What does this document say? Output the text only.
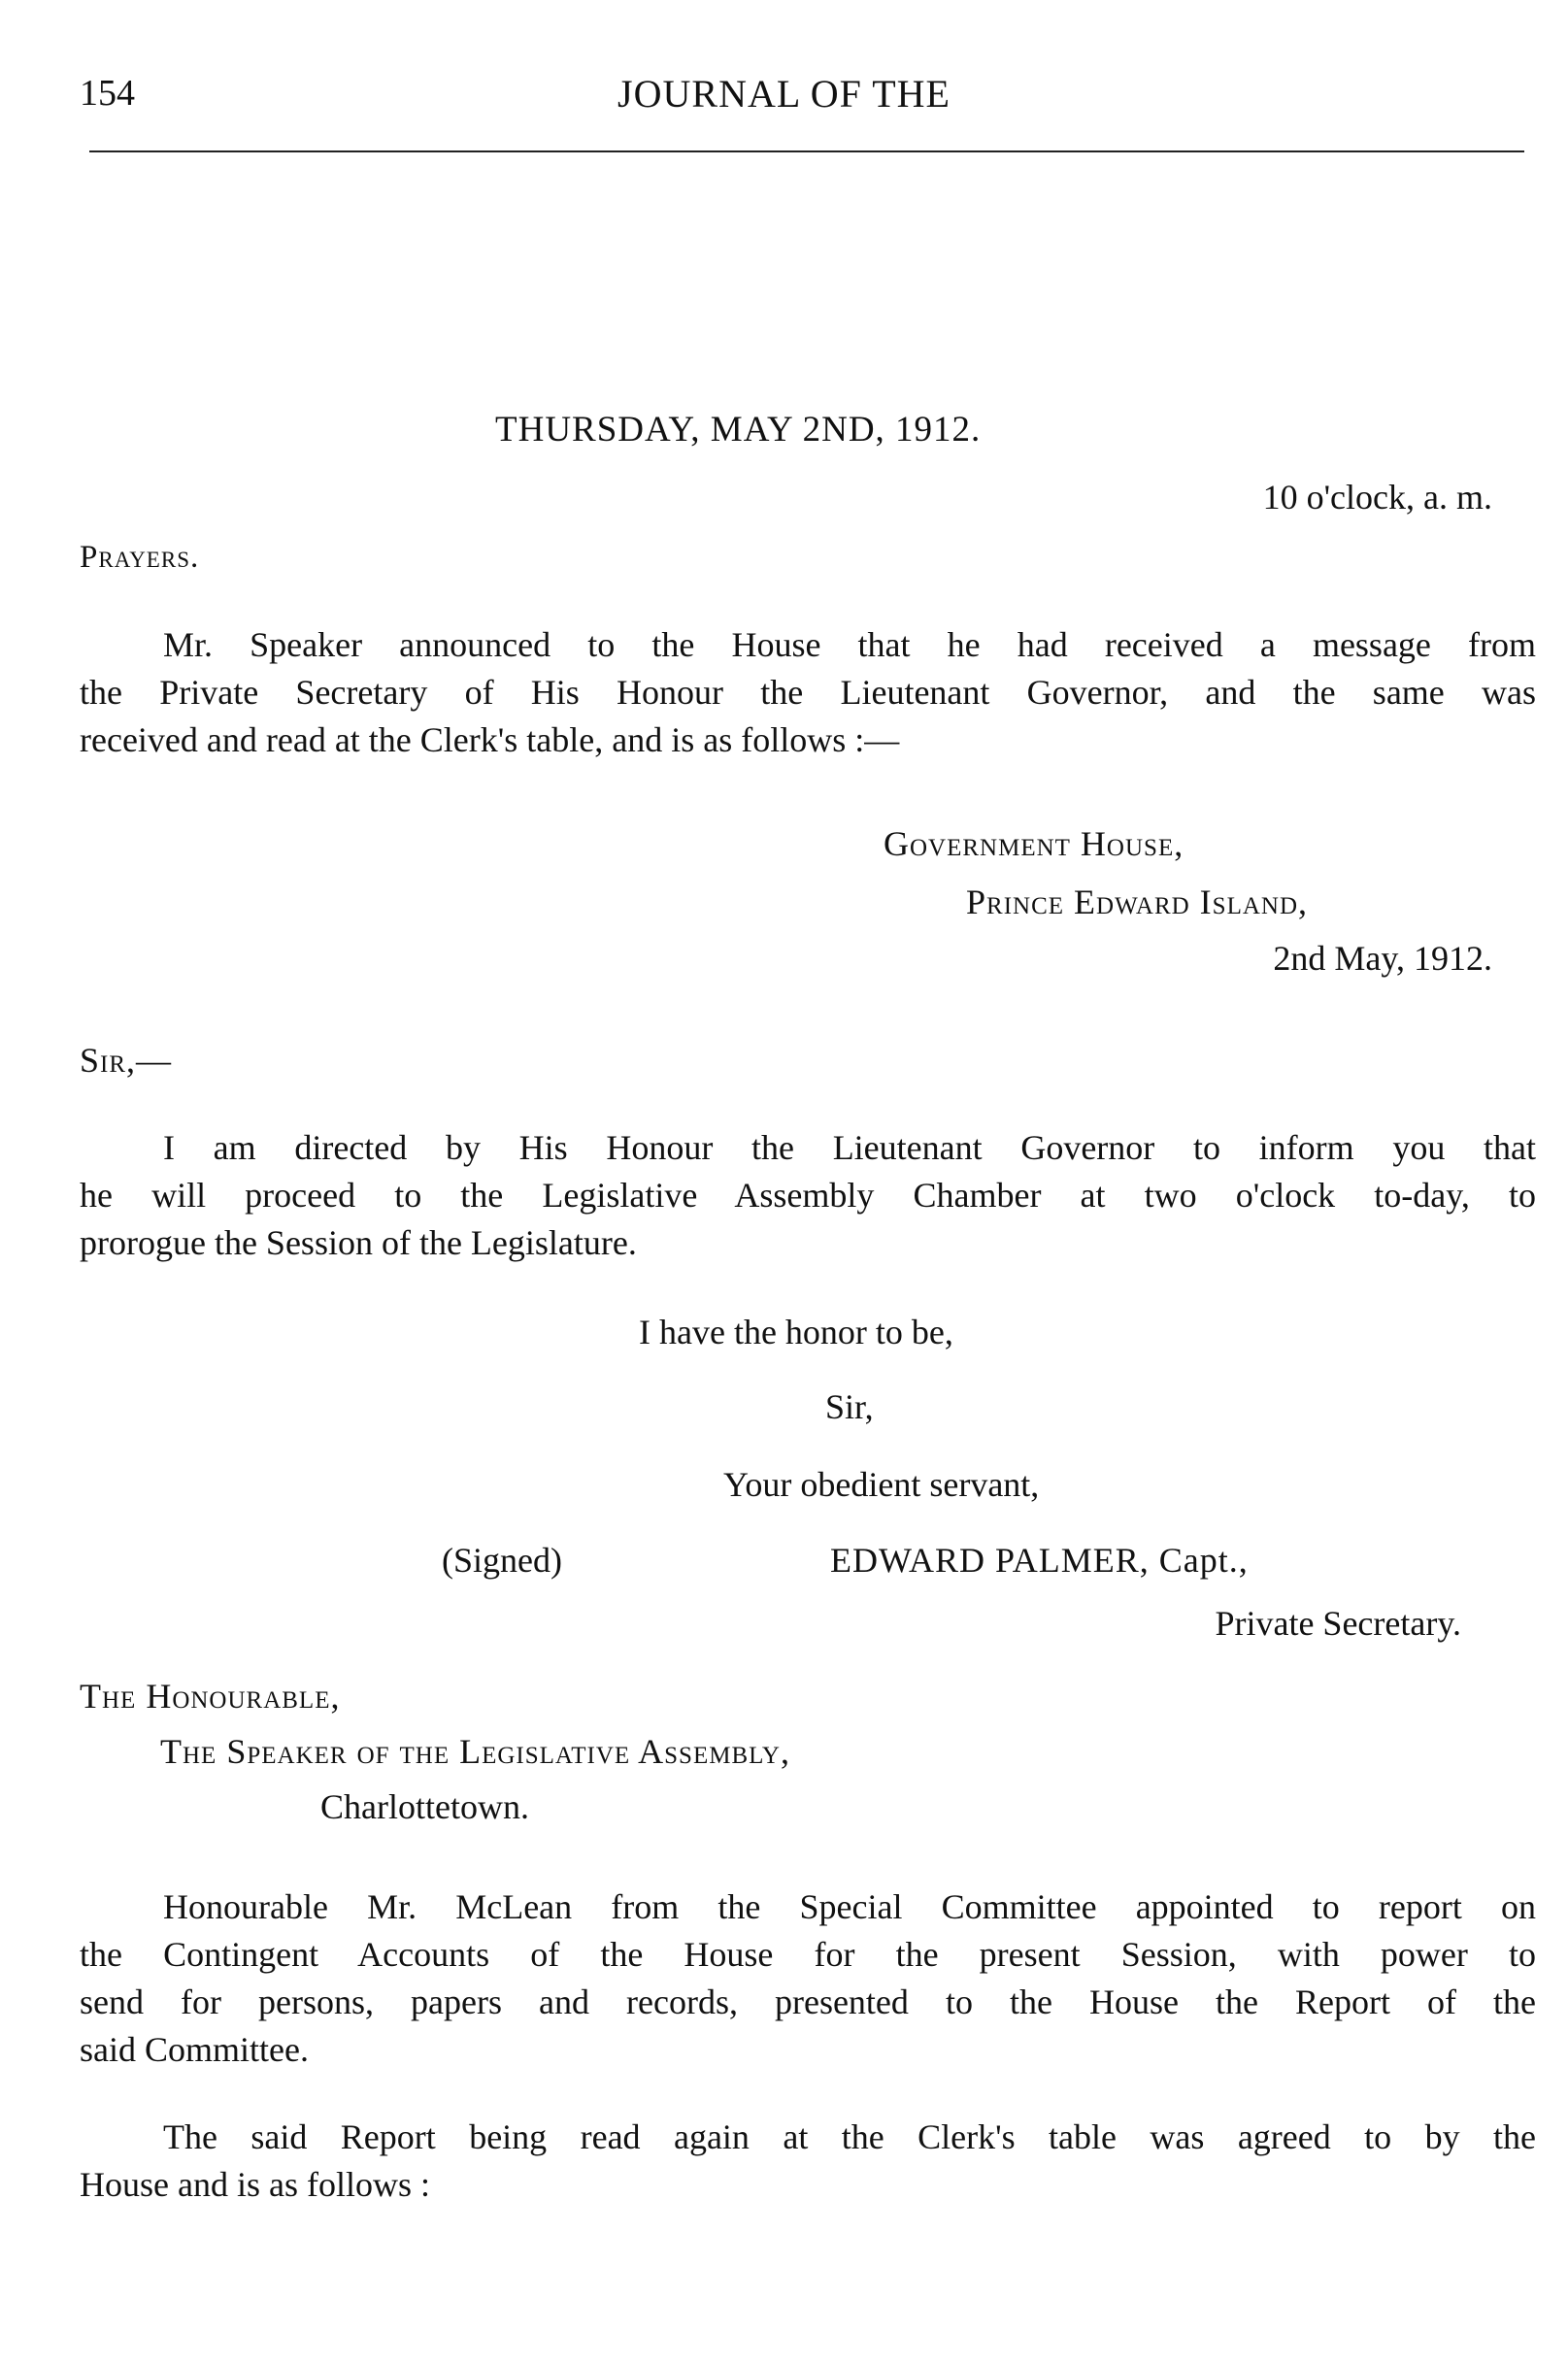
154	JOURNAL OF THE
THURSDAY, MAY 2ND, 1912.
10 o'clock, a. m.
Prayers.
Mr. Speaker announced to the House that he had received a message from
the Private Secretary of His Honour the Lieutenant Governor, and the same was
received and read at the Clerk's table, and is as follows :—
Government House,
Prince Edward Island,
2nd May, 1912.
Sir,—
I am directed by His Honour the Lieutenant Governor to inform you that
he will proceed to the Legislative Assembly Chamber at two o'clock to-day, to
prorogue the Session of the Legislature.
I have the honor to be,
Sir,
Your obedient servant,
(Signed)	EDWARD PALMER, Capt.,
Private Secretary.
The Honourable,
The Speaker of the Legislative Assembly,
Charlottetown.
Honourable Mr. McLean from the Special Committee appointed to report on
the Contingent Accounts of the House for the present Session, with power to
send for persons, papers and records, presented to the House the Report of the
said Committee.
The said Report being read again at the Clerk's table was agreed to by the
House and is as follows :
